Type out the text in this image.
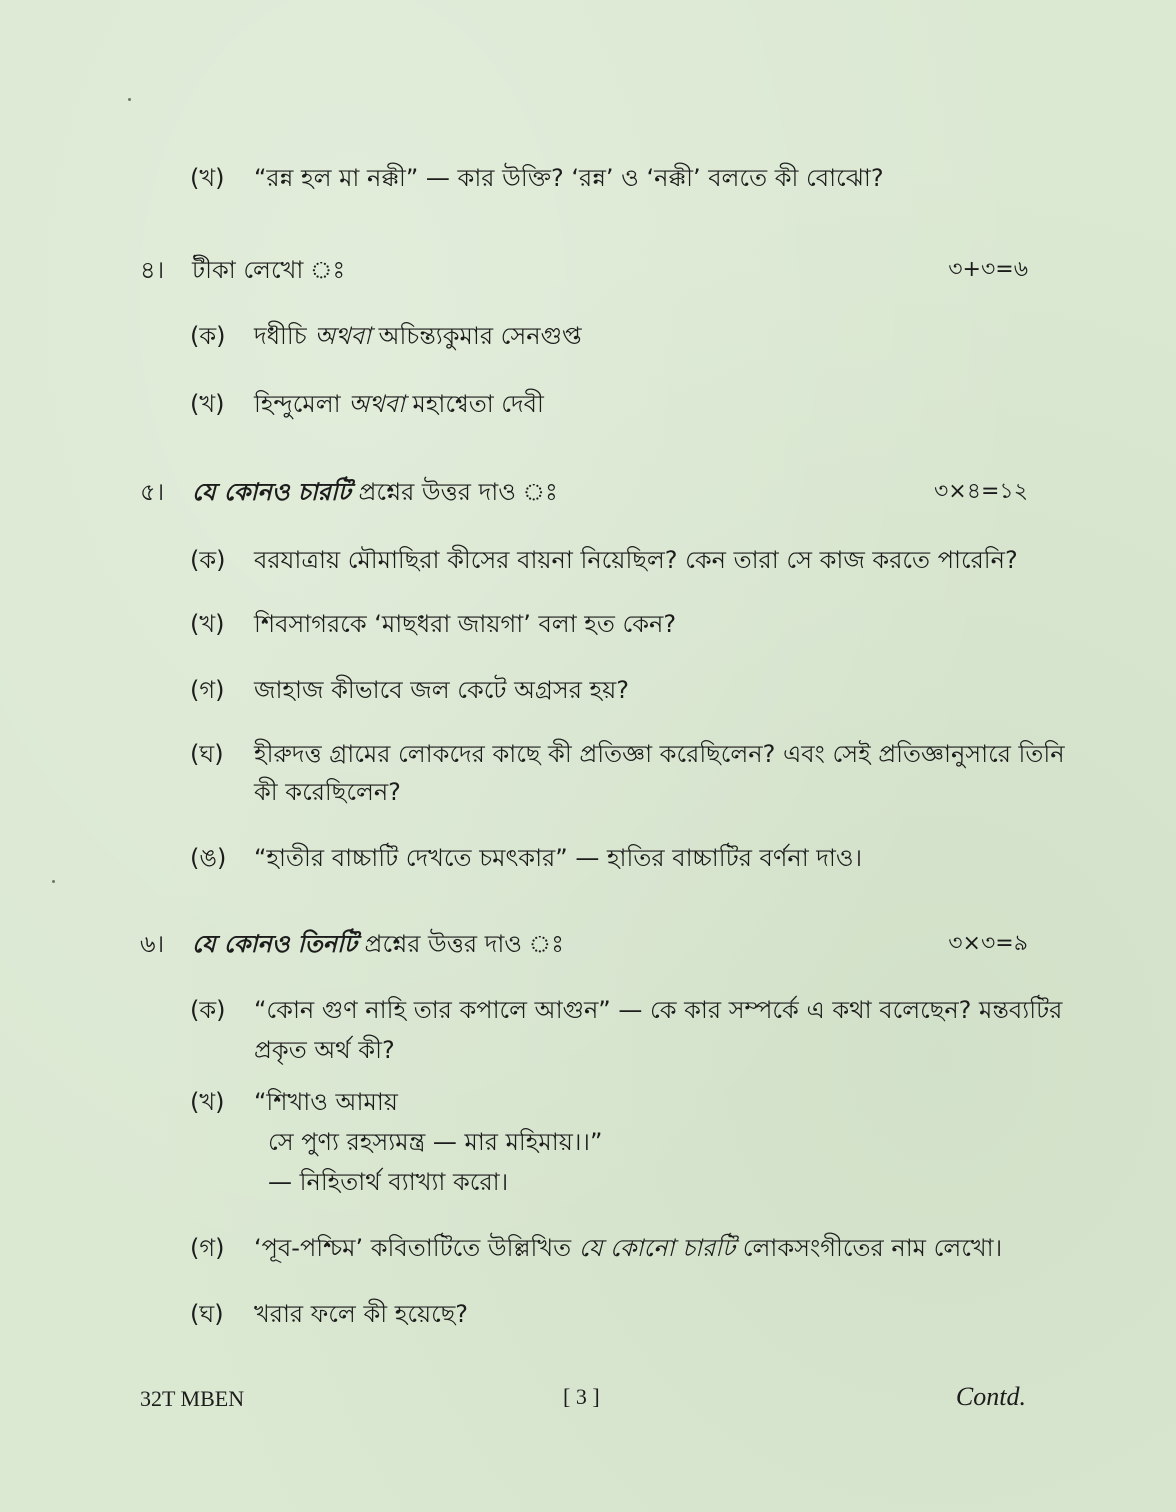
(খ) “রন্ন হল মা নক্কী” — কার উক্তি? ‘রন্ন’ ও ‘নক্কী’ বলতে কী বোঝো?
৪। টীকা লেখো ঃ	৩+৩=৬
(ক) দধীচি অথবা অচিন্ত্যকুমার সেনগুপ্ত
(খ) হিন্দুমেলা অথবা মহাশ্বেতা দেবী
৫। যে কোনও চারটি প্রশ্নের উত্তর দাও ঃ	৩×৪=১২
(ক) বরযাত্রায় মৌমাছিরা কীসের বায়না নিয়েছিল? কেন তারা সে কাজ করতে পারেনি?
(খ) শিবসাগরকে ‘মাছধরা জায়গা’ বলা হত কেন?
(গ) জাহাজ কীভাবে জল কেটে অগ্রসর হয়?
(ঘ) হীরুদত্ত গ্রামের লোকদের কাছে কী প্রতিজ্ঞা করেছিলেন? এবং সেই প্রতিজ্ঞানুসারে তিনি
কী করেছিলেন?
(ঙ) “হাতীর বাচ্চাটি দেখতে চমৎকার” — হাতির বাচ্চাটির বর্ণনা দাও।
৬। যে কোনও তিনটি প্রশ্নের উত্তর দাও ঃ	৩×৩=৯
(ক) “কোন গুণ নাহি তার কপালে আগুন” — কে কার সম্পর্কে এ কথা বলেছেন? মন্তব্যটির
প্রকৃত অর্থ কী?
(খ) “শিখাও আমায়
সে পুণ্য রহস্যমন্ত্র — মার মহিমায়।।”
— নিহিতার্থ ব্যাখ্যা করো।
(গ) ‘পূব-পশ্চিম’ কবিতাটিতে উল্লিখিত যে কোনো চারটি লোকসংগীতের নাম লেখো।
(ঘ) খরার ফলে কী হয়েছে?
32T MBEN	[ 3 ]	Contd.
